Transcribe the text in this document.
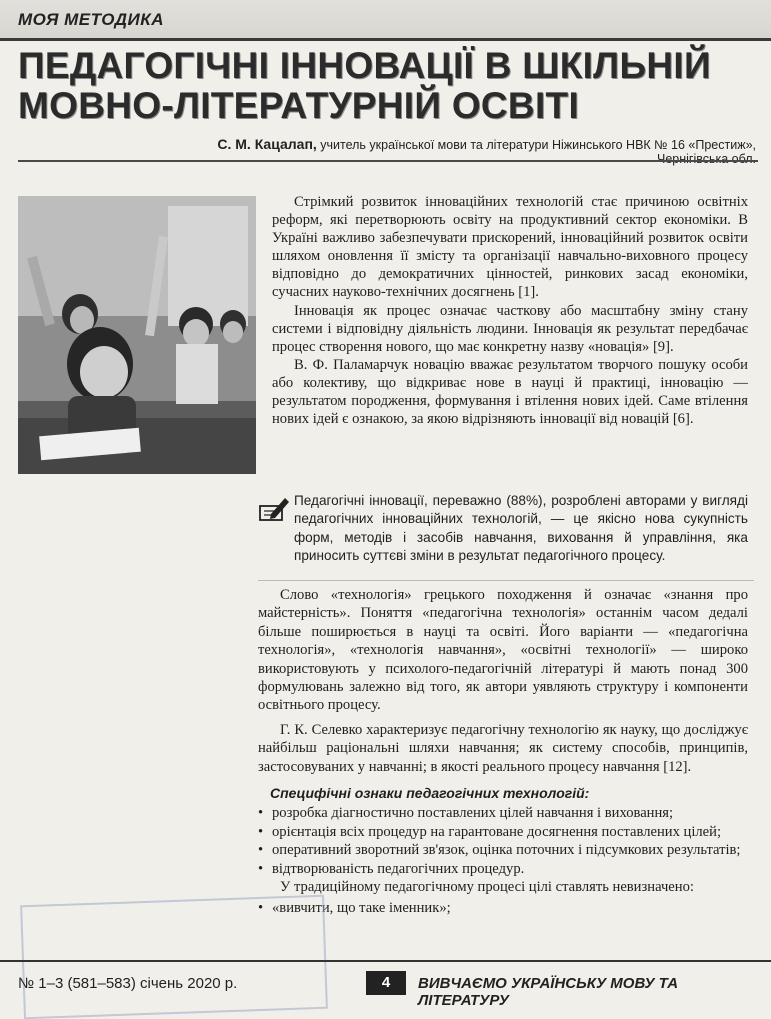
МОЯ МЕТОДИКА
ПЕДАГОГІЧНІ ІННОВАЦІЇ В ШКІЛЬНІЙ МОВНО-ЛІТЕРАТУРНІЙ ОСВІТІ
С. М. Кацалап, учитель української мови та літератури Ніжинського НВК № 16 «Престиж», Чернігівська обл.

Стрімкий розвиток інноваційних технологій стає причиною освітніх реформ, які перетворюють освіту на продуктивний сектор економіки. В Україні важливо забезпечувати прискорений, інноваційний розвиток освіти шляхом оновлення її змісту та організації навчально-виховного процесу відповідно до демократичних цінностей, ринкових засад економіки, сучасних науково-технічних досягнень [1].

Інновація як процес означає часткову або масштабну зміну стану системи і відповідну діяльність людини. Інновація як результат передбачає процес створення нового, що має конкретну назву «новація» [9].

В. Ф. Паламарчук новацію вважає результатом творчого пошуку особи або колективу, що відкриває нове в науці й практиці, інновацію — результатом породження, формування і втілення нових ідей. Саме втілення нових ідей є ознакою, за якою відрізняють інновації від новацій [6].

Педагогічні інновації, переважно (88%), розроблені авторами у вигляді педагогічних інноваційних технологій, — це якісно нова сукупність форм, методів і засобів навчання, виховання й управління, яка приносить суттєві зміни в результат педагогічного процесу.

Слово «технологія» грецького походження й означає «знання про майстерність». Поняття «педагогічна технологія» останнім часом дедалі більше поширюється в науці та освіті. Його варіанти — «педагогічна технологія», «технологія навчання», «освітні технології» — широко використовують у психолого-педагогічній літературі й мають понад 300 формулювань залежно від того, як автори уявляють структуру і компоненти освітнього процесу.

Г. К. Селевко характеризує педагогічну технологію як науку, що досліджує найбільш раціональні шляхи навчання; як систему способів, принципів, застосовуваних у навчанні; в якості реального процесу навчання [12].

Специфічні ознаки педагогічних технологій:

• розробка діагностично поставлених цілей навчання і виховання;
• орієнтація всіх процедур на гарантоване досягнення поставлених цілей;
• оперативний зворотний зв'язок, оцінка поточних і підсумкових результатів;
• відтворюваність педагогічних процедур.

У традиційному педагогічному процесі цілі ставлять невизначено:

• «вивчити, що таке іменник»;
№ 1–3 (581–583) січень 2020 р.	4	ВИВЧАЄМО УКРАЇНСЬКУ МОВУ ТА ЛІТЕРАТУРУ
